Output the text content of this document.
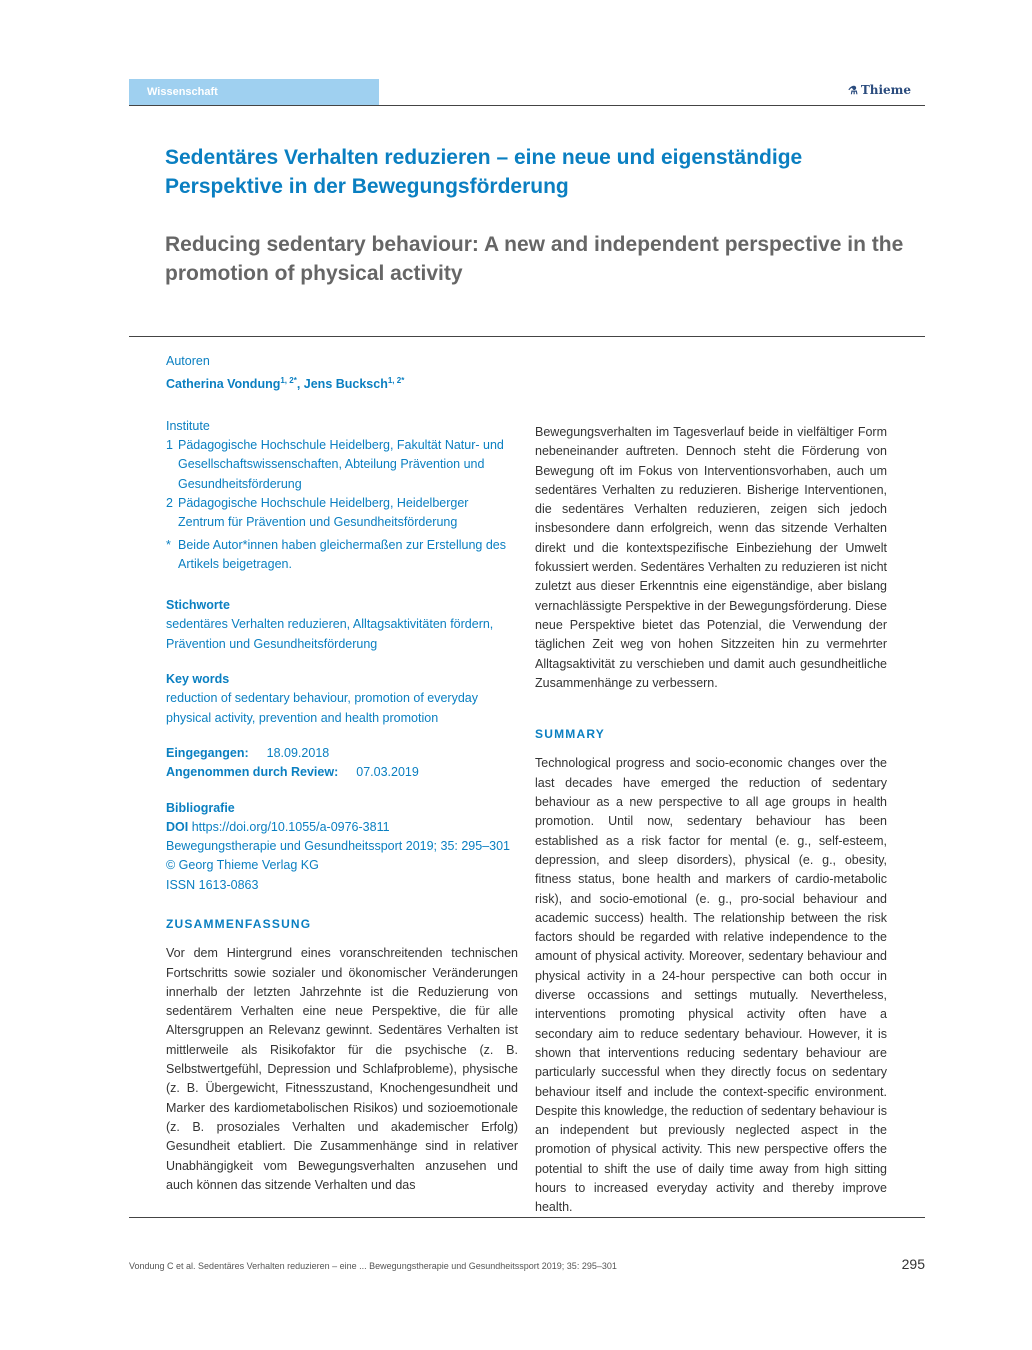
Wissenschaft	⚗ Thieme
Sedentäres Verhalten reduzieren – eine neue und eigenständige Perspektive in der Bewegungsförderung
Reducing sedentary behaviour: A new and independent perspective in the promotion of physical activity
Autoren
Catherina Vondung$^{1, 2*}$, Jens Bucksch$^{1, 2*}$
Institute
1 Pädagogische Hochschule Heidelberg, Fakultät Natur- und Gesellschaftswissenschaften, Abteilung Prävention und Gesundheitsförderung
2 Pädagogische Hochschule Heidelberg, Heidelberger Zentrum für Prävention und Gesundheitsförderung
* Beide Autor*innen haben gleichermaßen zur Erstellung des Artikels beigetragen.
Stichworte
sedentäres Verhalten reduzieren, Alltagsaktivitäten fördern, Prävention und Gesundheitsförderung
Key words
reduction of sedentary behaviour, promotion of everyday physical activity, prevention and health promotion
Eingegangen: 18.09.2018
Angenommen durch Review: 07.03.2019
Bibliografie
DOI https://doi.org/10.1055/a-0976-3811
Bewegungstherapie und Gesundheitssport 2019; 35: 295–301
© Georg Thieme Verlag KG
ISSN 1613-0863
ZUSAMMENFASSUNG
Vor dem Hintergrund eines voranschreitenden technischen Fortschritts sowie sozialer und ökonomischer Veränderungen innerhalb der letzten Jahrzehnte ist die Reduzierung von sedentärem Verhalten eine neue Perspektive, die für alle Altersgruppen an Relevanz gewinnt. Sedentäres Verhalten ist mittlerweile als Risikofaktor für die psychische (z. B. Selbstwertgefühl, Depression und Schlafprobleme), physische (z. B. Übergewicht, Fitnesszustand, Knochengesundheit und Marker des kardiometabolischen Risikos) und sozioemotionale (z. B. prosoziales Verhalten und akademischer Erfolg) Gesundheit etabliert. Die Zusammenhänge sind in relativer Unabhängigkeit vom Bewegungsverhalten anzusehen und auch können das sitzende Verhalten und das
Bewegungsverhalten im Tagesverlauf beide in vielfältiger Form nebeneinander auftreten. Dennoch steht die Förderung von Bewegung oft im Fokus von Interventionsvorhaben, auch um sedentäres Verhalten zu reduzieren. Bisherige Interventionen, die sedentäres Verhalten reduzieren, zeigen sich jedoch insbesondere dann erfolgreich, wenn das sitzende Verhalten direkt und die kontextspezifische Einbeziehung der Umwelt fokussiert werden. Sedentäres Verhalten zu reduzieren ist nicht zuletzt aus dieser Erkenntnis eine eigenständige, aber bislang vernachlässigte Perspektive in der Bewegungsförderung. Diese neue Perspektive bietet das Potenzial, die Verwendung der täglichen Zeit weg von hohen Sitzzeiten hin zu vermehrter Alltagsaktivität zu verschieben und damit auch gesundheitliche Zusammenhänge zu verbessern.
SUMMARY
Technological progress and socio-economic changes over the last decades have emerged the reduction of sedentary behaviour as a new perspective to all age groups in health promotion. Until now, sedentary behaviour has been established as a risk factor for mental (e. g., self-esteem, depression, and sleep disorders), physical (e. g., obesity, fitness status, bone health and markers of cardio-metabolic risk), and socio-emotional (e. g., pro-social behaviour and academic success) health. The relationship between the risk factors should be regarded with relative independence to the amount of physical activity. Moreover, sedentary behaviour and physical activity in a 24-hour perspective can both occur in diverse occassions and settings mutually. Nevertheless, interventions promoting physical activity often have a secondary aim to reduce sedentary behaviour. However, it is shown that interventions reducing sedentary behaviour are particularly successful when they directly focus on sedentary behaviour itself and include the context-specific environment. Despite this knowledge, the reduction of sedentary behaviour is an independent but previously neglected aspect in the promotion of physical activity. This new perspective offers the potential to shift the use of daily time away from high sitting hours to increased everyday activity and thereby improve health.
Vondung C et al. Sedentäres Verhalten reduzieren – eine ... Bewegungstherapie und Gesundheitssport 2019; 35: 295–301	295
